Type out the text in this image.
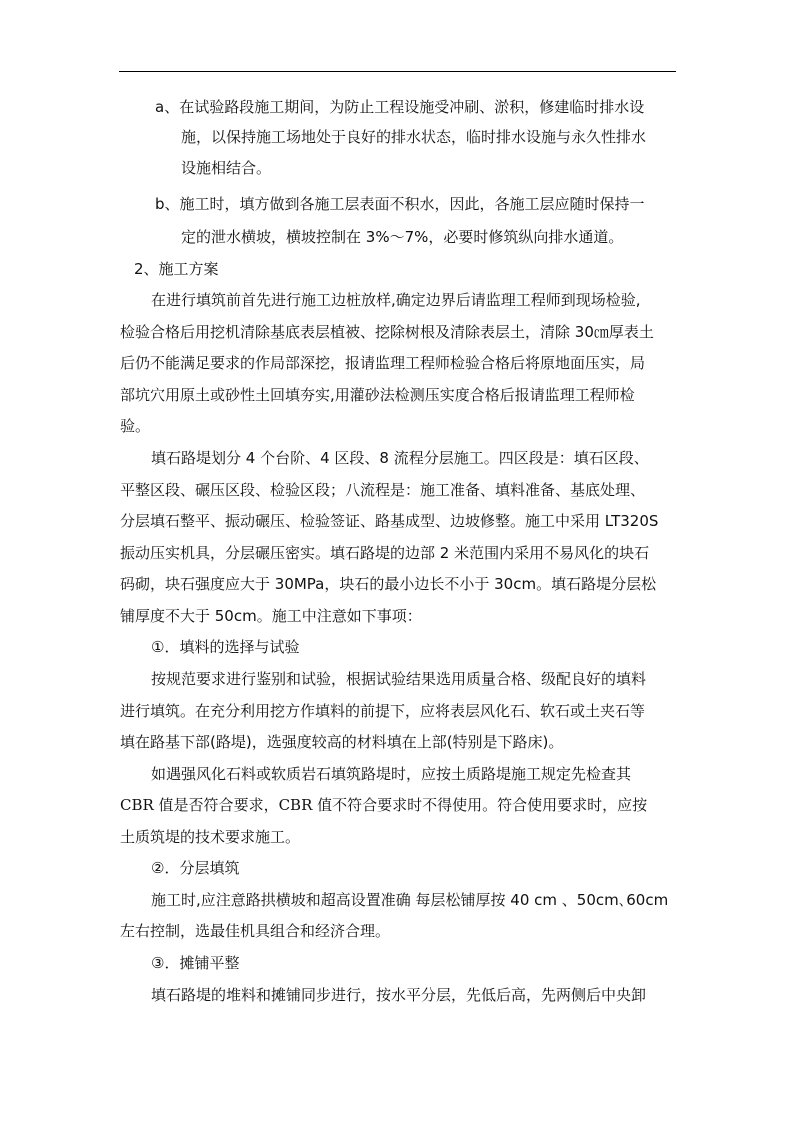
a、在试验路段施工期间，为防止工程设施受冲刷、淤积，修建临时排水设
施，以保持施工场地处于良好的排水状态，临时排水设施与永久性排水
设施相结合。
b、施工时，填方做到各施工层表面不积水，因此，各施工层应随时保持一
定的泄水横坡，横坡控制在 3%～7%，必要时修筑纵向排水通道。
2、施工方案
在进行填筑前首先进行施工边桩放样,确定边界后请监理工程师到现场检验,
检验合格后用挖机清除基底表层植被、挖除树根及清除表层土，清除 30㎝厚表土
后仍不能满足要求的作局部深挖，报请监理工程师检验合格后将原地面压实，局
部坑穴用原土或砂性土回填夯实,用灌砂法检测压实度合格后报请监理工程师检
验。
填石路堤划分 4 个台阶、4 区段、8 流程分层施工。四区段是：填石区段、
平整区段、碾压区段、检验区段；八流程是：施工准备、填料准备、基底处理、
分层填石整平、振动碾压、检验签证、路基成型、边坡修整。施工中采用 LT320S
振动压实机具，分层碾压密实。填石路堤的边部 2 米范围内采用不易风化的块石
码砌，块石强度应大于 30MPa，块石的最小边长不小于 30cm。填石路堤分层松
铺厚度不大于 50cm。施工中注意如下事项：
①．填料的选择与试验
按规范要求进行鉴别和试验，根据试验结果选用质量合格、级配良好的填料
进行填筑。在充分利用挖方作填料的前提下，应将表层风化石、软石或土夹石等
填在路基下部(路堤)，选强度较高的材料填在上部(特别是下路床)。
如遇强风化石料或软质岩石填筑路堤时，应按土质路堤施工规定先检查其
CBR 值是否符合要求，CBR 值不符合要求时不得使用。符合使用要求时，应按
土质筑堤的技术要求施工。
②．分层填筑
施工时,应注意路拱横坡和超高设置准确 每层松铺厚按 40 cm 、50cm､60cm
左右控制，选最佳机具组合和经济合理。
③．摊铺平整
填石路堤的堆料和摊铺同步进行，按水平分层，先低后高，先两侧后中央卸
